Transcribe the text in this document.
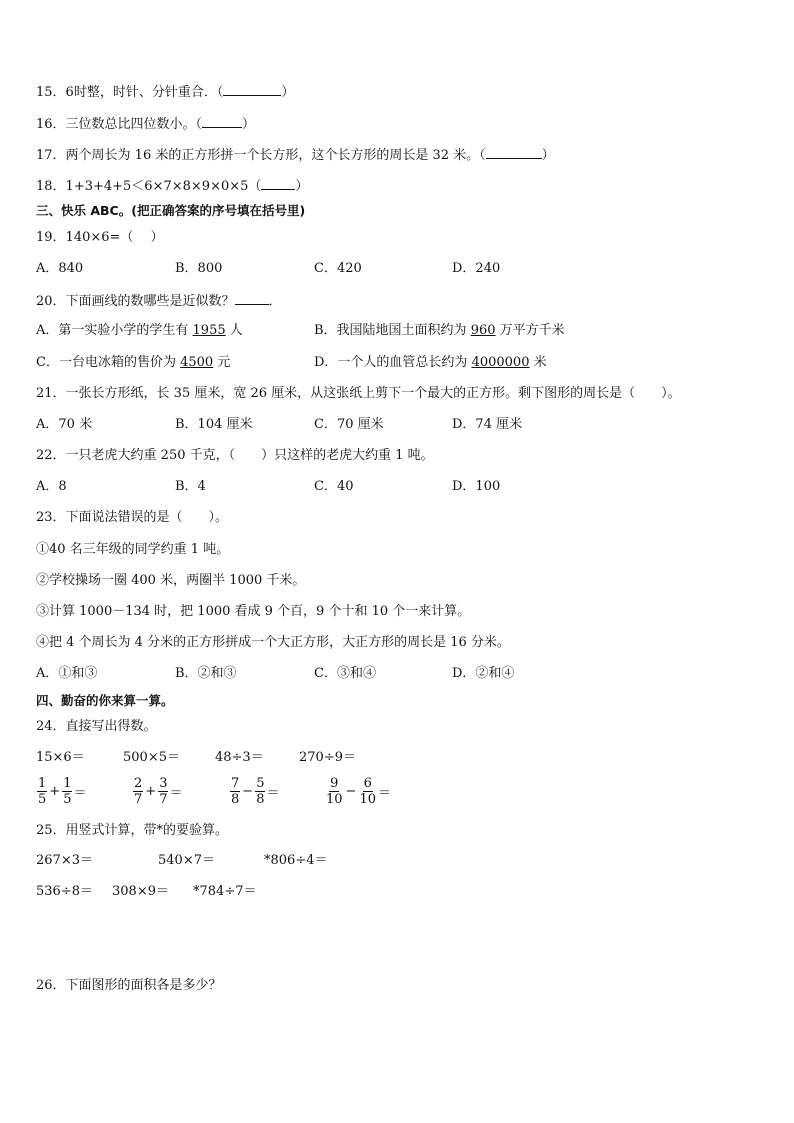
15．6时整，时针、分针重合．（	）
16．三位数总比四位数小。（	）
17．两个周长为 16 米的正方形拼一个长方形，这个长方形的周长是 32 米。（	）
18．1+3+4+5＜6×7×8×9×0×5（	）
三、快乐 ABC。(把正确答案的序号填在括号里)
19．140×6=（　 ）
A．840	B．800	C．420	D．240
20．下面画线的数哪些是近似数？	．
A．第一实验小学的学生有 1955 人	B．我国陆地国土面积约为 960 万平方千米
C．一台电冰箱的售价为 4500 元	D．一个人的血管总长约为 4000000 米
21．一张长方形纸，长 35 厘米，宽 26 厘米，从这张纸上剪下一个最大的正方形。剩下图形的周长是（　　）。
A．70 米	B．104 厘米	C．70 厘米	D．74 厘米
22．一只老虎大约重 250 千克，（　　）只这样的老虎大约重 1 吨。
A．8	B．4	C．40	D．100
23．下面说法错误的是（　　）。
①40 名三年级的同学约重 1 吨。
②学校操场一圈 400 米，两圈半 1000 千米。
③计算 1000－134 时，把 1000 看成 9 个百，9 个十和 10 个一来计算。
④把 4 个周长为 4 分米的正方形拼成一个大正方形，大正方形的周长是 16 分米。
A．①和③	B．②和③	C．③和④	D．②和④
四、勤奋的你来算一算。
24．直接写出得数。
15×6＝	500×5＝	48÷3＝	270÷9＝
$\frac{1}{5} + \frac{1}{5}$ ＝	$\frac{2}{7} + \frac{3}{7}$ ＝	$\frac{7}{8} - \frac{5}{8}$ ＝	$\frac{9}{10} - \frac{6}{10}$ ＝
25．用竖式计算，带*的要验算。
267×3＝	540×7＝	*806÷4＝
536÷8＝ 308×9＝ *784÷7＝
26．下面图形的面积各是多少？
